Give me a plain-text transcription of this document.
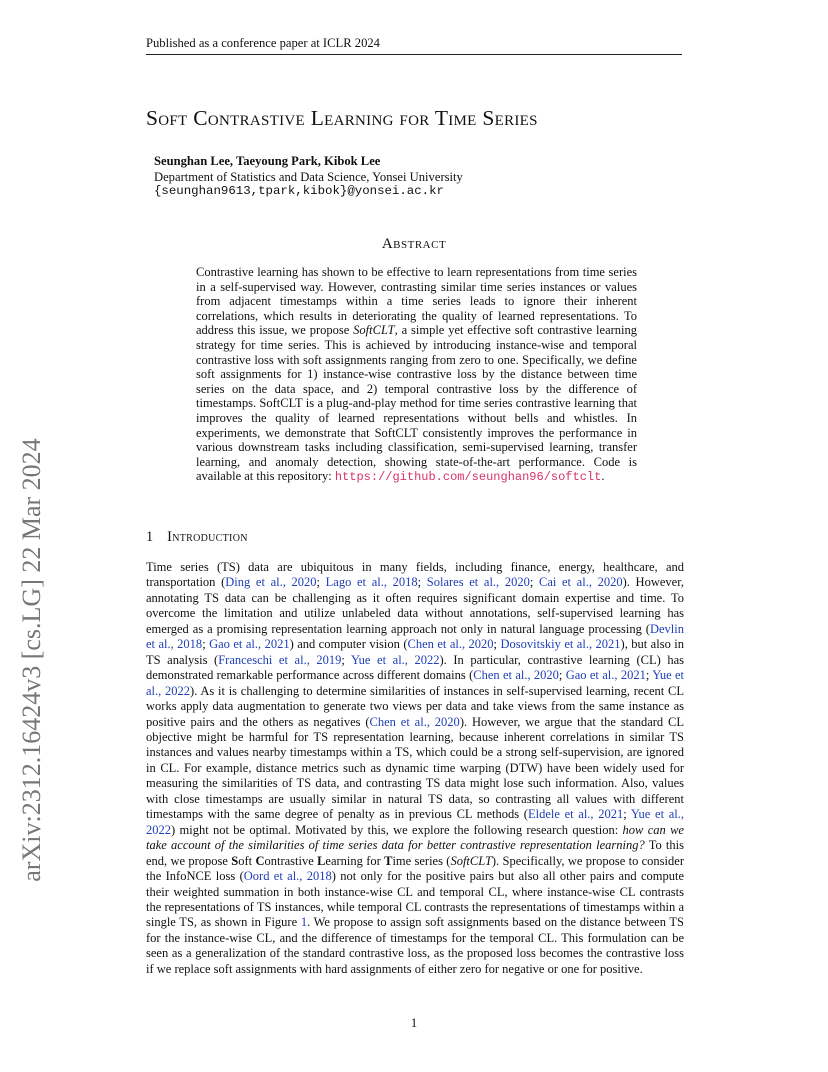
Published as a conference paper at ICLR 2024
Soft Contrastive Learning for Time Series
Seunghan Lee, Taeyoung Park, Kibok Lee
Department of Statistics and Data Science, Yonsei University
{seunghan9613,tpark,kibok}@yonsei.ac.kr
Abstract

Contrastive learning has shown to be effective to learn representations from time series in a self-supervised way. However, contrasting similar time series instances or values from adjacent timestamps within a time series leads to ignore their inherent correlations, which results in deteriorating the quality of learned representations. To address this issue, we propose SoftCLT, a simple yet effective soft contrastive learning strategy for time series. This is achieved by introducing instance-wise and temporal contrastive loss with soft assignments ranging from zero to one. Specifically, we define soft assignments for 1) instance-wise contrastive loss by the distance between time series on the data space, and 2) temporal contrastive loss by the difference of timestamps. SoftCLT is a plug-and-play method for time series contrastive learning that improves the quality of learned representations without bells and whistles. In experiments, we demonstrate that SoftCLT consistently improves the performance in various downstream tasks including classification, semi-supervised learning, transfer learning, and anomaly detection, showing state-of-the-art performance. Code is available at this repository: https://github.com/seunghan96/softclt.

1 Introduction

Time series (TS) data are ubiquitous in many fields, including finance, energy, healthcare, and transportation (Ding et al., 2020; Lago et al., 2018; Solares et al., 2020; Cai et al., 2020). However, annotating TS data can be challenging as it often requires significant domain expertise and time. To overcome the limitation and utilize unlabeled data without annotations, self-supervised learning has emerged as a promising representation learning approach not only in natural language processing (Devlin et al., 2018; Gao et al., 2021) and computer vision (Chen et al., 2020; Dosovitskiy et al., 2021), but also in TS analysis (Franceschi et al., 2019; Yue et al., 2022). In particular, contrastive learning (CL) has demonstrated remarkable performance across different domains (Chen et al., 2020; Gao et al., 2021; Yue et al., 2022). As it is challenging to determine similarities of instances in self-supervised learning, recent CL works apply data augmentation to generate two views per data and take views from the same instance as positive pairs and the others as negatives (Chen et al., 2020). However, we argue that the standard CL objective might be harmful for TS representation learning, because inherent correlations in similar TS instances and values nearby timestamps within a TS, which could be a strong self-supervision, are ignored in CL. For example, distance metrics such as dynamic time warping (DTW) have been widely used for measuring the similarities of TS data, and contrasting TS data might lose such information. Also, values with close timestamps are usually similar in natural TS data, so contrasting all values with different timestamps with the same degree of penalty as in previous CL methods (Eldele et al., 2021; Yue et al., 2022) might not be optimal. Motivated by this, we explore the following research question: how can we take account of the similarities of time series data for better contrastive representation learning? To this end, we propose Soft Contrastive Learning for Time series (SoftCLT). Specifically, we propose to consider the InfoNCE loss (Oord et al., 2018) not only for the positive pairs but also all other pairs and compute their weighted summation in both instance-wise CL and temporal CL, where instance-wise CL contrasts the representations of TS instances, while temporal CL contrasts the representations of timestamps within a single TS, as shown in Figure 1. We propose to assign soft assignments based on the distance between TS for the instance-wise CL, and the difference of timestamps for the temporal CL. This formulation can be seen as a generalization of the standard contrastive loss, as the proposed loss becomes the contrastive loss if we replace soft assignments with hard assignments of either zero for negative or one for positive.

1
arXiv:2312.16424v3 [cs.LG] 22 Mar 2024
